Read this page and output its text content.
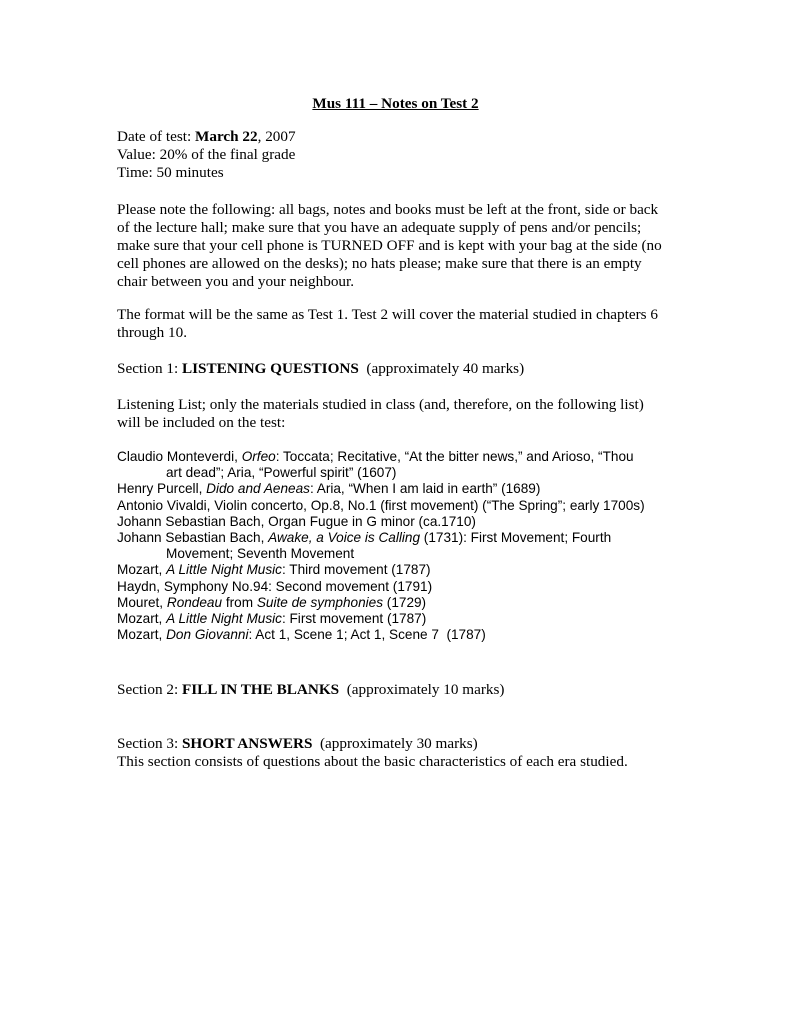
Mus 111 – Notes on Test 2
Date of test: March 22, 2007
Value: 20% of the final grade
Time: 50 minutes
Please note the following: all bags, notes and books must be left at the front, side or back
of the lecture hall; make sure that you have an adequate supply of pens and/or pencils;
make sure that your cell phone is TURNED OFF and is kept with your bag at the side (no
cell phones are allowed on the desks); no hats please; make sure that there is an empty
chair between you and your neighbour.
The format will be the same as Test 1. Test 2 will cover the material studied in chapters 6
through 10.
Section 1: LISTENING QUESTIONS  (approximately 40 marks)
Listening List; only the materials studied in class (and, therefore, on the following list)
will be included on the test:
Claudio Monteverdi, Orfeo: Toccata; Recitative, “At the bitter news,” and Arioso, “Thou
art dead”; Aria, “Powerful spirit” (1607)
Henry Purcell, Dido and Aeneas: Aria, “When I am laid in earth” (1689)
Antonio Vivaldi, Violin concerto, Op.8, No.1 (first movement) (“The Spring”; early 1700s)
Johann Sebastian Bach, Organ Fugue in G minor (ca.1710)
Johann Sebastian Bach, Awake, a Voice is Calling (1731): First Movement; Fourth
Movement; Seventh Movement
Mozart, A Little Night Music: Third movement (1787)
Haydn, Symphony No.94: Second movement (1791)
Mouret, Rondeau from Suite de symphonies (1729)
Mozart, A Little Night Music: First movement (1787)
Mozart, Don Giovanni: Act 1, Scene 1; Act 1, Scene 7  (1787)
Section 2: FILL IN THE BLANKS  (approximately 10 marks)
Section 3: SHORT ANSWERS  (approximately 30 marks)
This section consists of questions about the basic characteristics of each era studied.
